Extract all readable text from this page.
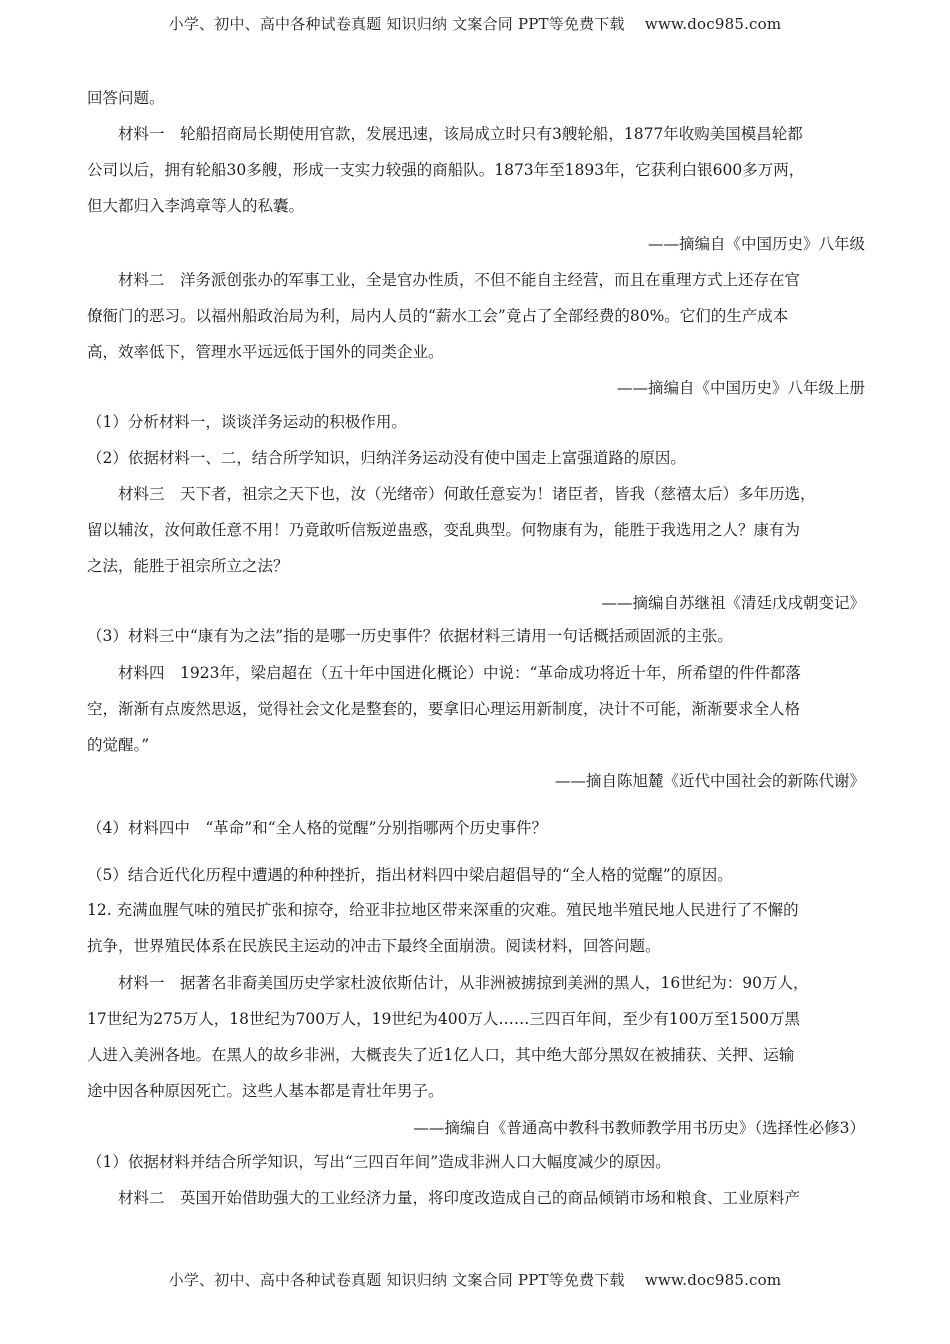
小学、初中、高中各种试卷真题 知识归纳 文案合同 PPT等免费下载　 www.doc985.com
回答问题。
材料一　轮船招商局长期使用官款，发展迅速，该局成立时只有3艘轮船，1877年收购美国模昌轮都
公司以后，拥有轮船30多艘，形成一支实力较强的商船队。1873年至1893年，它获利白银600多万两，
但大都归入李鸿章等人的私囊。
——摘编自《中国历史》八年级
材料二　洋务派创张办的军事工业，全是官办性质，不但不能自主经营，而且在重理方式上还存在官
僚衙门的恶习。以福州船政治局为利，局内人员的“薪水工会”竟占了全部经费的80%。它们的生产成本
高，效率低下，管理水平远远低于国外的同类企业。
——摘编自《中国历史》八年级上册
（1）分析材料一，谈谈洋务运动的积极作用。
（2）依据材料一、二，结合所学知识，归纳洋务运动没有使中国走上富强道路的原因。
材料三　天下者，祖宗之天下也，汝（光绪帝）何敢任意妄为！诸臣者，皆我（慈禧太后）多年历选，
留以辅汝，汝何敢任意不用！乃竟敢听信叛逆蛊惑，变乱典型。何物康有为，能胜于我选用之人？康有为
之法，能胜于祖宗所立之法？
——摘编自苏继祖《清廷戊戌朝变记》
（3）材料三中“康有为之法”指的是哪一历史事件？依据材料三请用一句话概括顽固派的主张。
材料四　1923年，梁启超在（五十年中国进化概论）中说：“革命成功将近十年，所希望的件件都落
空，渐渐有点废然思返，觉得社会文化是整套的，要拿旧心理运用新制度，决计不可能，渐渐要求全人格
的觉醒。”
——摘自陈旭麓《近代中国社会的新陈代谢》
（4）材料四中　“革命”和“全人格的觉醒”分别指哪两个历史事件？
（5）结合近代化历程中遭遇的种种挫折，指出材料四中梁启超倡导的“全人格的觉醒”的原因。
12. 充满血腥气味的殖民扩张和掠夺，给亚非拉地区带来深重的灾难。殖民地半殖民地人民进行了不懈的
抗争，世界殖民体系在民族民主运动的冲击下最终全面崩溃。阅读材料，回答问题。
材料一　据著名非裔美国历史学家杜波依斯估计，从非洲被掳掠到美洲的黑人，16世纪为：90万人，
17世纪为275万人，18世纪为700万人，19世纪为400万人……三四百年间，至少有100万至1500万黑
人进入美洲各地。在黑人的故乡非洲，大概丧失了近1亿人口，其中绝大部分黑奴在被捕获、关押、运输
途中因各种原因死亡。这些人基本都是青壮年男子。
——摘编自《普通高中教科书教师教学用书历史》（选择性必修3）
（1）依据材料并结合所学知识，写出“三四百年间”造成非洲人口大幅度减少的原因。
材料二　英国开始借助强大的工业经济力量，将印度改造成自己的商品倾销市场和粮食、工业原料产
小学、初中、高中各种试卷真题 知识归纳 文案合同 PPT等免费下载　 www.doc985.com
